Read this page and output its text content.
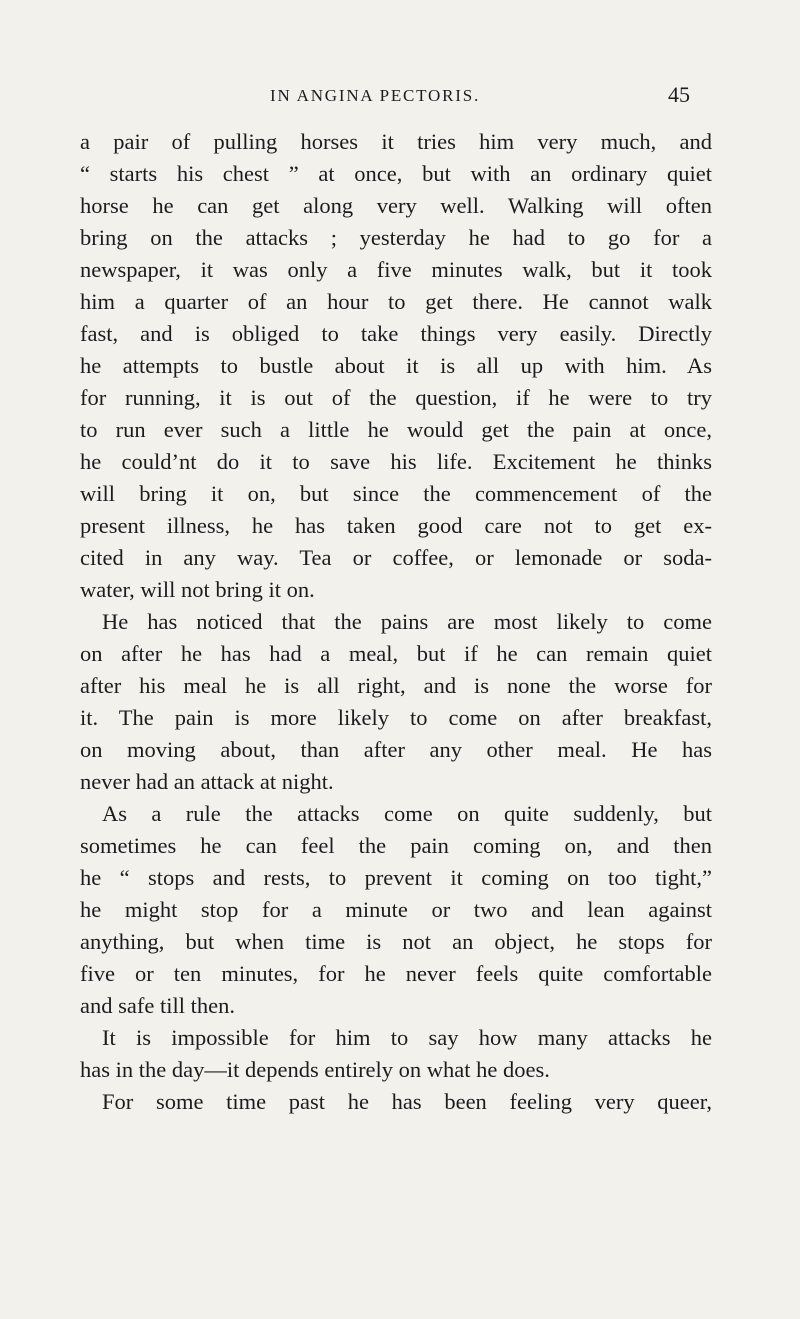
IN ANGINA PECTORIS.	45
a pair of pulling horses it tries him very much, and
“ starts his chest ” at once, but with an ordinary quiet
horse he can get along very well. Walking will often
bring on the attacks ; yesterday he had to go for a
newspaper, it was only a five minutes walk, but it took
him a quarter of an hour to get there. He cannot walk
fast, and is obliged to take things very easily. Directly
he attempts to bustle about it is all up with him. As
for running, it is out of the question, if he were to try
to run ever such a little he would get the pain at once,
he could’nt do it to save his life. Excitement he thinks
will bring it on, but since the commencement of the
present illness, he has taken good care not to get ex-
cited in any way. Tea or coffee, or lemonade or soda-
water, will not bring it on.
He has noticed that the pains are most likely to come
on after he has had a meal, but if he can remain quiet
after his meal he is all right, and is none the worse for
it. The pain is more likely to come on after breakfast,
on moving about, than after any other meal. He has
never had an attack at night.
As a rule the attacks come on quite suddenly, but
sometimes he can feel the pain coming on, and then
he “ stops and rests, to prevent it coming on too tight,”
he might stop for a minute or two and lean against
anything, but when time is not an object, he stops for
five or ten minutes, for he never feels quite comfortable
and safe till then.
It is impossible for him to say how many attacks he
has in the day—it depends entirely on what he does.
For some time past he has been feeling very queer,
